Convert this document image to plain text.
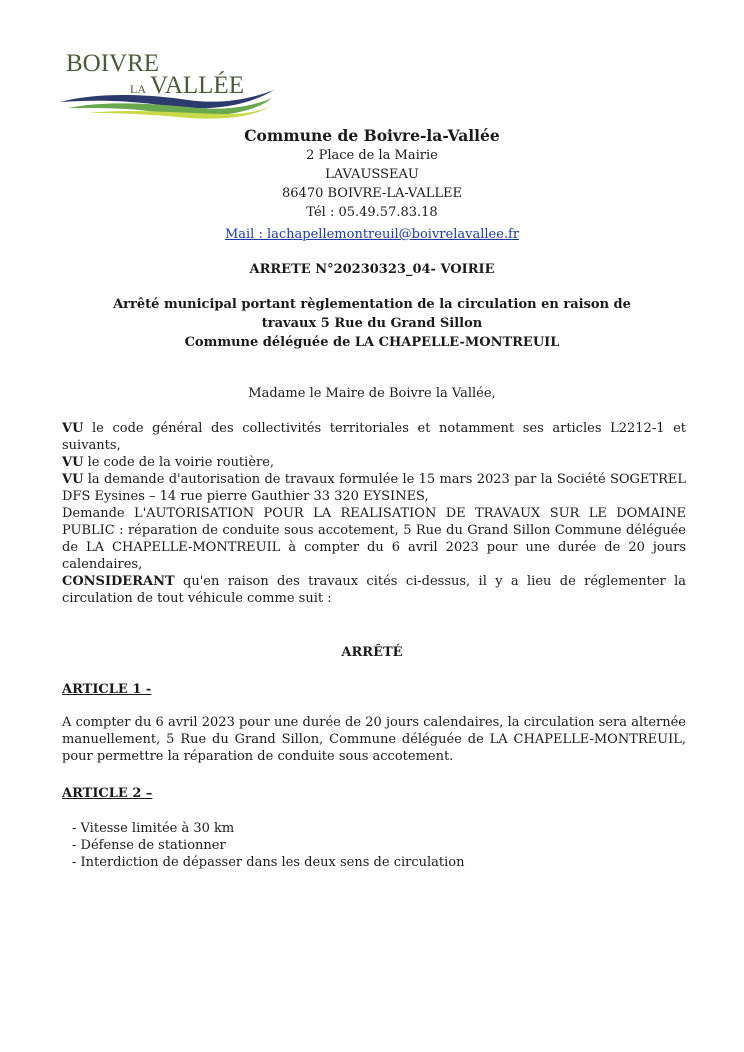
BOIVRE
LA VALLÉE
Commune de Boivre-la-Vallée
2 Place de la Mairie
LAVAUSSEAU
86470 BOIVRE-LA-VALLEE
Tél : 05.49.57.83.18
Mail : lachapellemontreuil@boivrelavallee.fr
ARRETE N°20230323_04- VOIRIE
Arrêté municipal portant règlementation de la circulation en raison de
travaux 5 Rue du Grand Sillon
Commune déléguée de LA CHAPELLE-MONTREUIL
Madame le Maire de Boivre la Vallée,
VU le code général des collectivités territoriales et notamment ses articles L2212-1 et suivants,
VU le code de la voirie routière,
VU la demande d'autorisation de travaux formulée le 15 mars 2023 par la Société SOGETREL DFS Eysines – 14 rue pierre Gauthier 33 320 EYSINES,
Demande L'AUTORISATION POUR LA REALISATION DE TRAVAUX SUR LE DOMAINE PUBLIC : réparation de conduite sous accotement, 5 Rue du Grand Sillon Commune déléguée de LA CHAPELLE-MONTREUIL à compter du 6 avril 2023 pour une durée de 20 jours calendaires,
CONSIDERANT qu'en raison des travaux cités ci-dessus, il y a lieu de réglementer la circulation de tout véhicule comme suit :
ARRÊTÉ
ARTICLE 1 -
A compter du 6 avril 2023 pour une durée de 20 jours calendaires, la circulation sera alternée manuellement, 5 Rue du Grand Sillon, Commune déléguée de LA CHAPELLE-MONTREUIL, pour permettre la réparation de conduite sous accotement.
ARTICLE 2 –
- Vitesse limitée à 30 km
- Défense de stationner
- Interdiction de dépasser dans les deux sens de circulation
